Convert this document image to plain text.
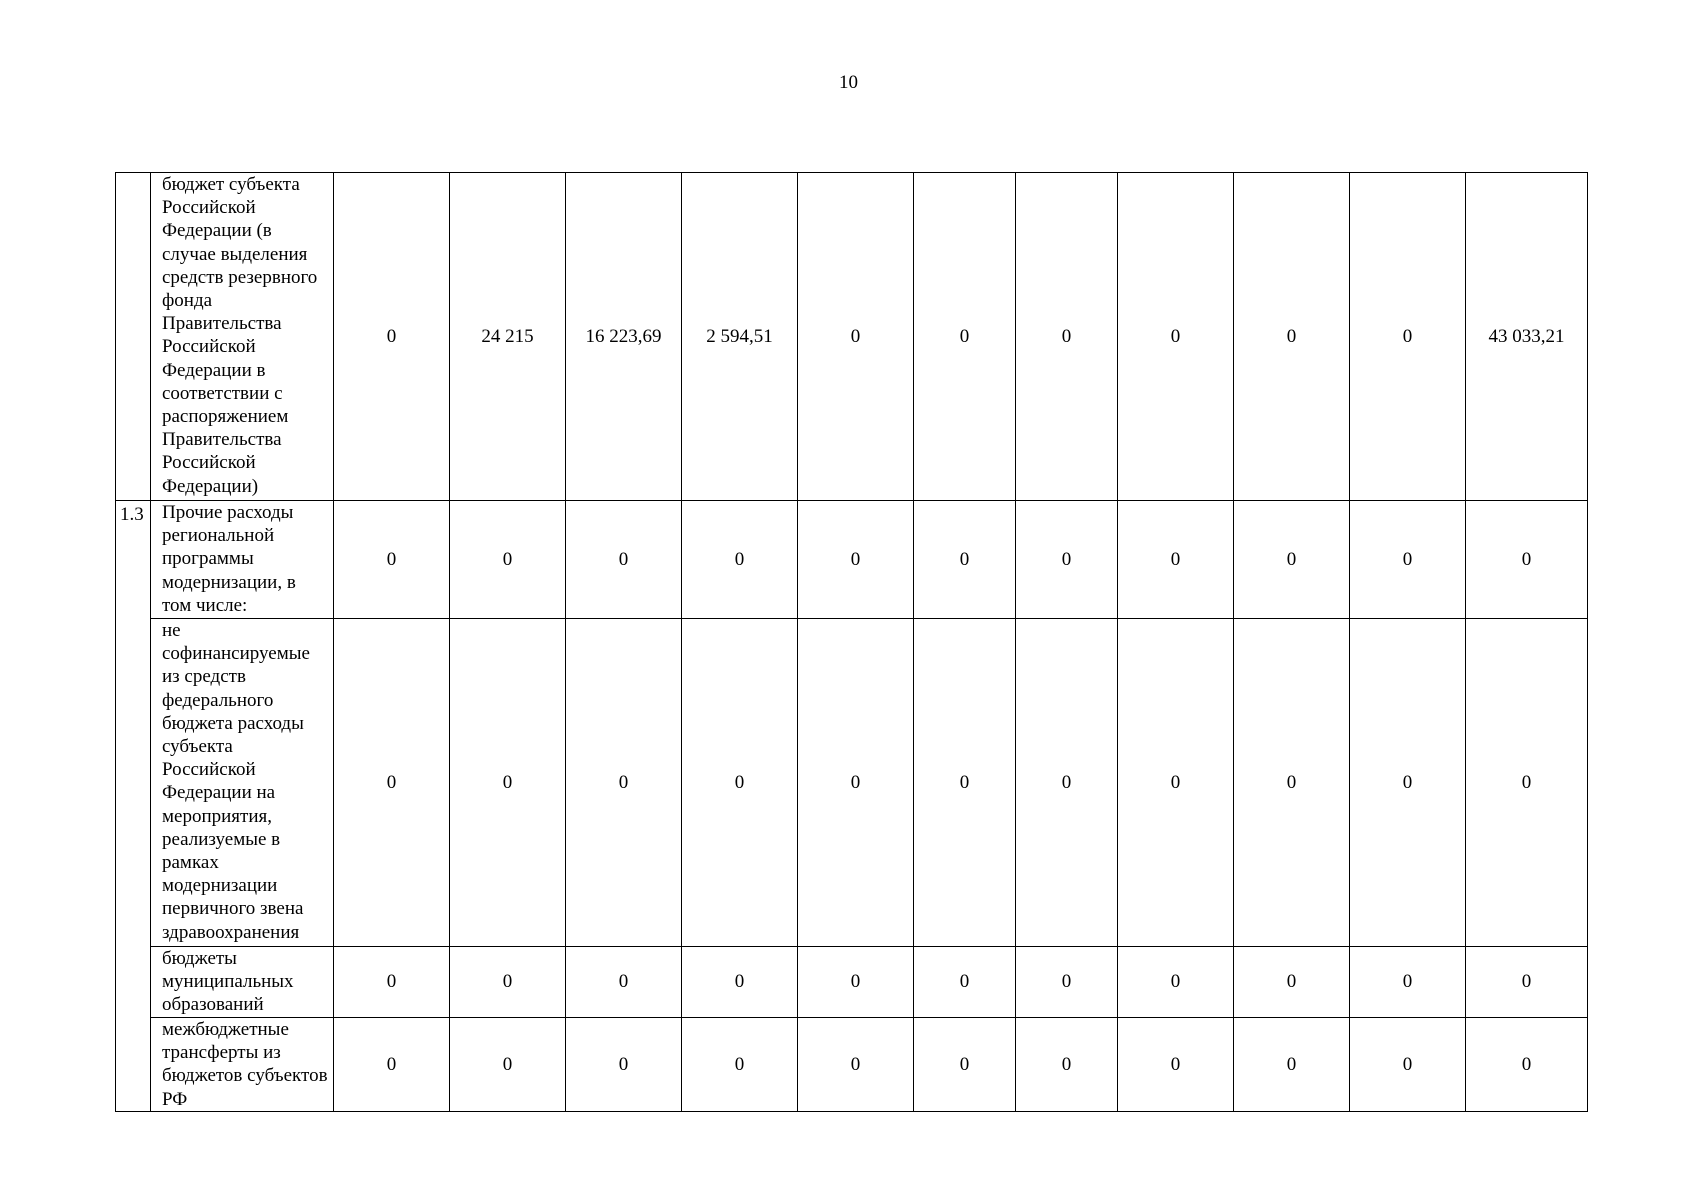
10
	бюджет субъекта Российской Федерации (в случае выделения средств резервного фонда Правительства Российской Федерации в соответствии с распоряжением Правительства Российской Федерации)	0	24 215	16 223,69	2 594,51	0	0	0	0	0	0	43 033,21
1.3	Прочие расходы региональной программы модернизации, в том числе:	0	0	0	0	0	0	0	0	0	0	0
	не софинансируемые из средств федерального бюджета расходы субъекта Российской Федерации на мероприятия, реализуемые в рамках модернизации первичного звена здравоохранения	0	0	0	0	0	0	0	0	0	0	0
	бюджеты муниципальных образований	0	0	0	0	0	0	0	0	0	0	0
	межбюджетные трансферты из бюджетов субъектов РФ	0	0	0	0	0	0	0	0	0	0	0
